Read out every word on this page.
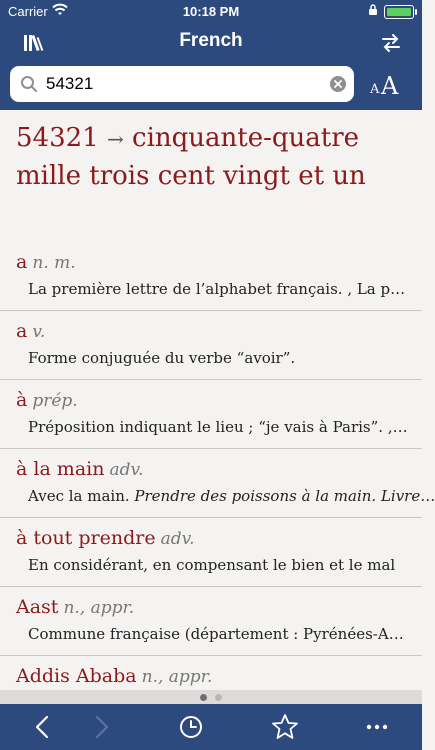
Carrier	10:18 PM
French
54321
A A
54321 → cinquante-quatre mille trois cent vingt et un
a n. m.
La première lettre de l’alphabet français. , La p…
a v.
Forme conjuguée du verbe “avoir”.
à prép.
Préposition indiquant le lieu ; “je vais à Paris”. ,…
à la main adv.
Avec la main. Prendre des poissons à la main. Livre…
à tout prendre adv.
En considérant, en compensant le bien et le mal
Aast n., appr.
Commune française (département : Pyrénées-A…
Addis Ababa n., appr.
